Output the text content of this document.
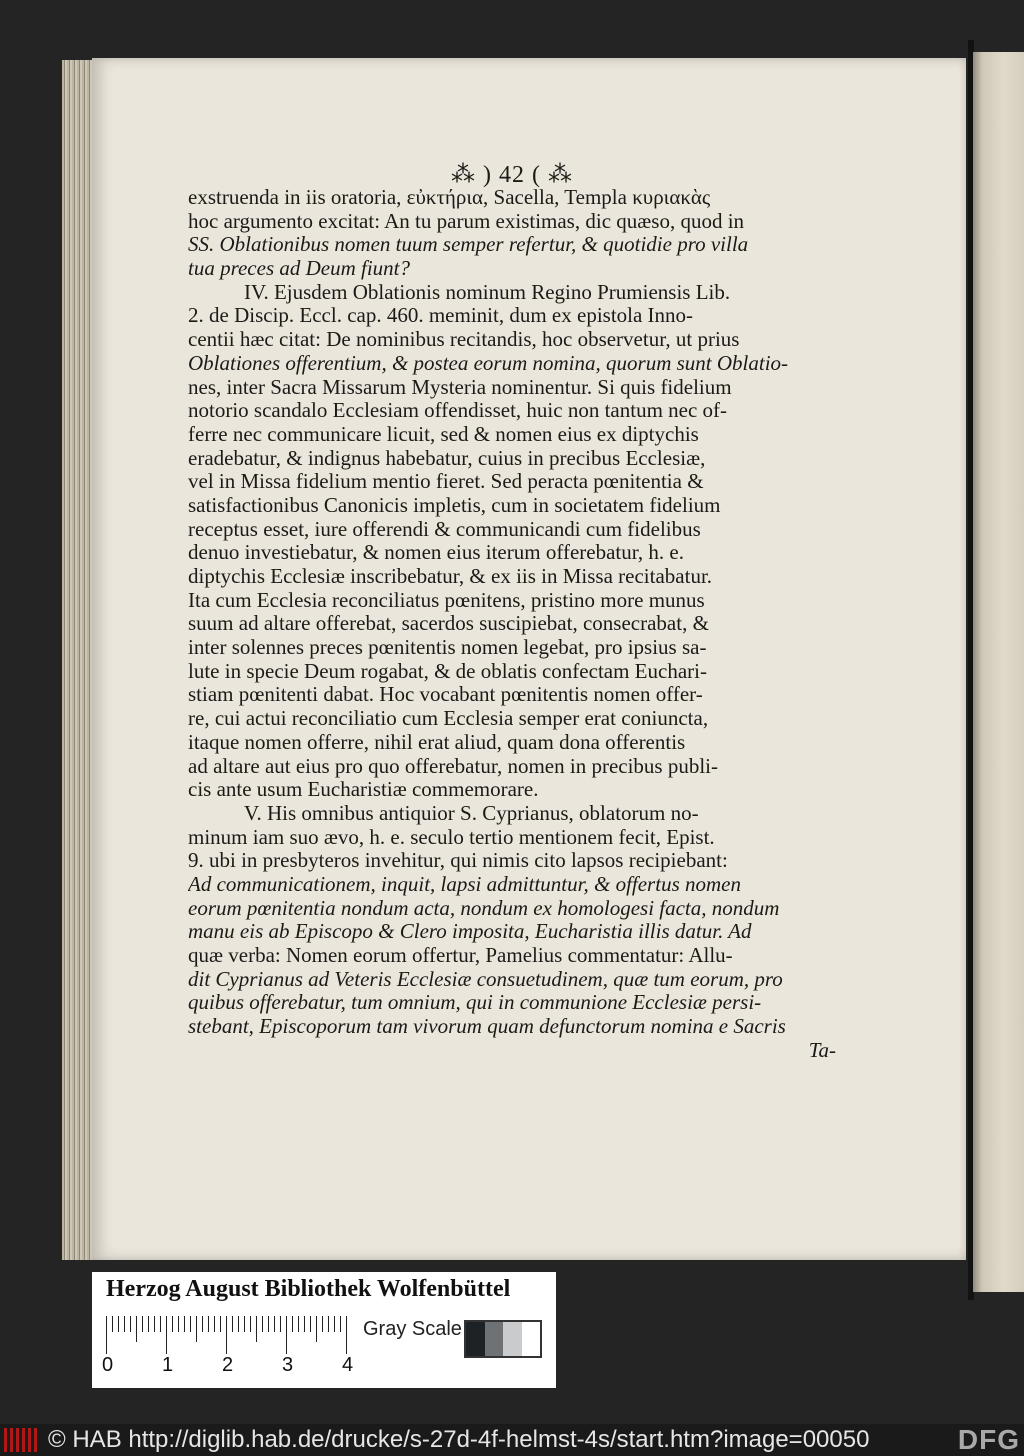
⁂ ) 42 ( ⁂
exstruenda in iis oratoria, εὐκτήρια, Sacella, Templa κυριακὰς
hoc argumento excitat: An tu parum existimas, dic quæso, quod in
SS. Oblationibus nomen tuum semper refertur, & quotidie pro villa
tua preces ad Deum fiunt?
IV. Ejusdem Oblationis nominum Regino Prumiensis Lib.
2. de Discip. Eccl. cap. 460. meminit, dum ex epistola Inno-
centii hæc citat: De nominibus recitandis, hoc observetur, ut prius
Oblationes offerentium, & postea eorum nomina, quorum sunt Oblatio-
nes, inter Sacra Missarum Mysteria nominentur. Si quis fidelium
notorio scandalo Ecclesiam offendisset, huic non tantum nec of-
ferre nec communicare licuit, sed & nomen eius ex diptychis
eradebatur, & indignus habebatur, cuius in precibus Ecclesiæ,
vel in Missa fidelium mentio fieret. Sed peracta pœnitentia &
satisfactionibus Canonicis impletis, cum in societatem fidelium
receptus esset, iure offerendi & communicandi cum fidelibus
denuo investiebatur, & nomen eius iterum offerebatur, h. e.
diptychis Ecclesiæ inscribebatur, & ex iis in Missa recitabatur.
Ita cum Ecclesia reconciliatus pœnitens, pristino more munus
suum ad altare offerebat, sacerdos suscipiebat, consecrabat, &
inter solennes preces pœnitentis nomen legebat, pro ipsius sa-
lute in specie Deum rogabat, & de oblatis confectam Euchari-
stiam pœnitenti dabat. Hoc vocabant pœnitentis nomen offer-
re, cui actui reconciliatio cum Ecclesia semper erat coniuncta,
itaque nomen offerre, nihil erat aliud, quam dona offerentis
ad altare aut eius pro quo offerebatur, nomen in precibus publi-
cis ante usum Eucharistiæ commemorare.
V. His omnibus antiquior S. Cyprianus, oblatorum no-
minum iam suo ævo, h. e. seculo tertio mentionem fecit, Epist.
9. ubi in presbyteros invehitur, qui nimis cito lapsos recipiebant:
Ad communicationem, inquit, lapsi admittuntur, & offertus nomen
eorum pœnitentia nondum acta, nondum ex homologesi facta, nondum
manu eis ab Episcopo & Clero imposita, Eucharistia illis datur. Ad
quæ verba: Nomen eorum offertur, Pamelius commentatur: Allu-
dit Cyprianus ad Veteris Ecclesiæ consuetudinem, quæ tum eorum, pro
quibus offerebatur, tum omnium, qui in communione Ecclesiæ persi-
stebant, Episcoporum tam vivorum quam defunctorum nomina e Sacris
Ta-
Herzog August Bibliothek Wolfenbüttel
0 1 2 3 4
Gray Scale
© HAB http://diglib.hab.de/drucke/s-27d-4f-helmst-4s/start.htm?image=00050	DFG
